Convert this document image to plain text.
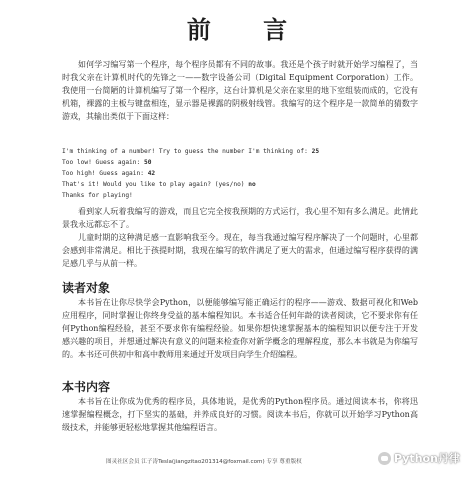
前 言

如何学习编写第一个程序，每个程序员都有不同的故事。我还是个孩子时就开始学习编程了，当时我父亲在计算机时代的先锋之一——数字设备公司（Digital Equipment Corporation）工作。我使用一台简陋的计算机编写了第一个程序，这台计算机是父亲在家里的地下室组装而成的，它没有机箱，裸露的主板与键盘相连，显示器是裸露的阴极射线管。我编写的这个程序是一款简单的猜数字游戏，其输出类似于下面这样：

I'm thinking of a number! Try to guess the number I'm thinking of: 25
Too low! Guess again: 50
Too high! Guess again: 42
That's it! Would you like to play again? (yes/no) no
Thanks for playing!

看到家人玩着我编写的游戏，而且它完全按我预期的方式运行，我心里不知有多么满足。此情此景我永远都忘不了。

儿童时期的这种满足感一直影响我至今。现在，每当我通过编写程序解决了一个问题时，心里都会感到非常满足。相比于孩提时期，我现在编写的软件满足了更大的需求，但通过编写程序获得的满足感几乎与从前一样。

读者对象

本书旨在让你尽快学会Python，以便能够编写能正确运行的程序——游戏、数据可视化和Web应用程序，同时掌握让你终身受益的基本编程知识。本书适合任何年龄的读者阅读，它不要求你有任何Python编程经验，甚至不要求你有编程经验。如果你想快速掌握基本的编程知识以便专注于开发感兴趣的项目，并想通过解决有意义的问题来检查你对新学概念的理解程度，那么本书就是为你编写的。本书还可供初中和高中教师用来通过开发项目向学生介绍编程。

本书内容

本书旨在让你成为优秀的程序员，具体地说，是优秀的Python程序员。通过阅读本书，你将迅速掌握编程概念，打下坚实的基础，并养成良好的习惯。阅读本书后，你就可以开始学习Python高级技术，并能够更轻松地掌握其他编程语言。

图灵社区会员 江子涛Tesla(jiangzitao201314@foxmail.com) 专享 尊重版权	Python丹律
